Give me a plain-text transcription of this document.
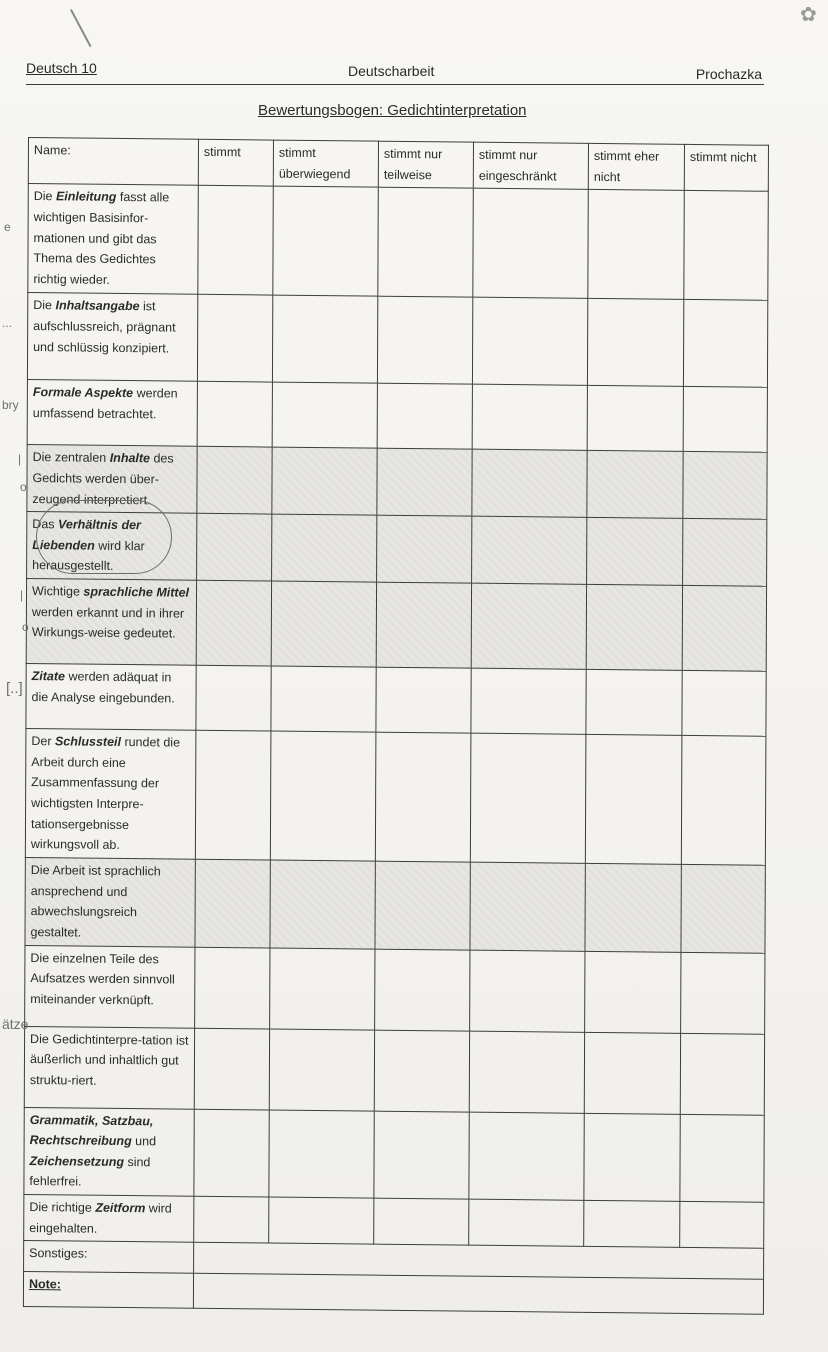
✿
Deutsch 10	Deutscharbeit	Prochazka
Bewertungsbogen: Gedichtinterpretation
Name:	stimmt	stimmt überwiegend	stimmt nur teilweise	stimmt nur eingeschränkt	stimmt eher nicht	stimmt nicht
Die Einleitung fasst alle wichtigen Basisinfor-mationen und gibt das Thema des Gedichtes richtig wieder.						
Die Inhaltsangabe ist aufschlussreich, prägnant und schlüssig konzipiert.						
Formale Aspekte werden umfassend betrachtet.						
Die zentralen Inhalte des Gedichts werden über-zeugend interpretiert.						
Das Verhältnis der Liebenden wird klar herausgestellt.						
Wichtige sprachliche Mittel werden erkannt und in ihrer Wirkungs-weise gedeutet.						
Zitate werden adäquat in die Analyse eingebunden.						
Der Schlussteil rundet die Arbeit durch eine Zusammenfassung der wichtigsten Interpre-tationsergebnisse wirkungsvoll ab.						
Die Arbeit ist sprachlich ansprechend und abwechslungsreich gestaltet.						
Die einzelnen Teile des Aufsatzes werden sinnvoll miteinander verknüpft.						
Die Gedichtinterpre-tation ist äußerlich und inhaltlich gut struktu-riert.						
Grammatik, Satzbau, Rechtschreibung und Zeichensetzung sind fehlerfrei.						
Die richtige Zeitform wird eingehalten.						
Sonstiges:						
Note:						
e
...
bry
|
o
|
o
[..]
ätze
